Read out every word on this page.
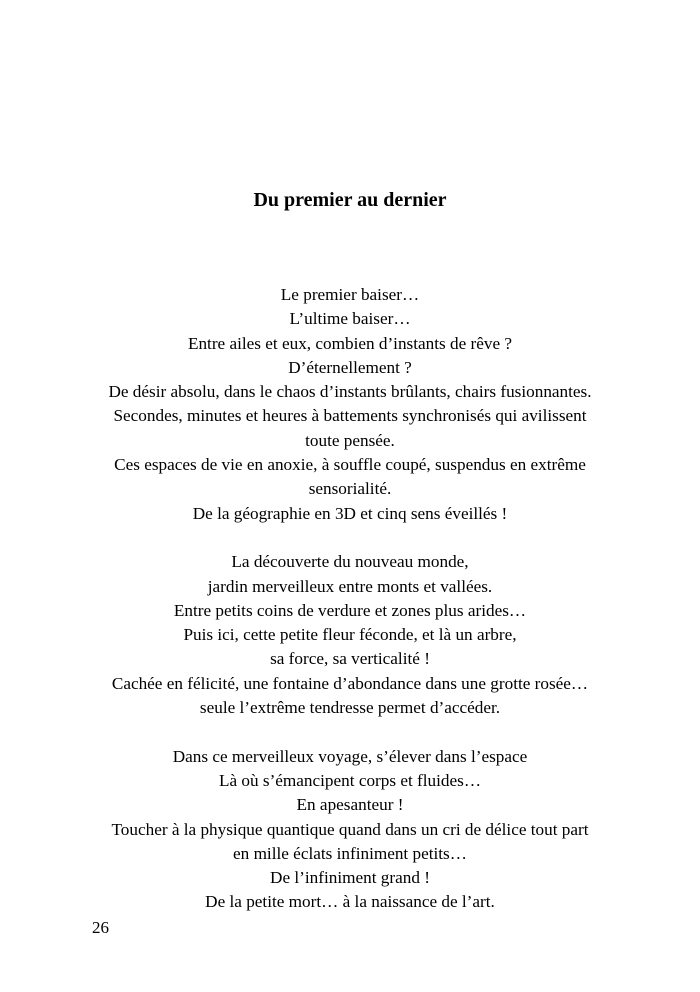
Du premier au dernier
Le premier baiser…
L’ultime baiser…
Entre ailes et eux, combien d’instants de rêve ?
D’éternellement ?
De désir absolu, dans le chaos d’instants brûlants, chairs fusionnantes.
Secondes, minutes et heures à battements synchronisés qui avilissent
toute pensée.
Ces espaces de vie en anoxie, à souffle coupé, suspendus en extrême
sensorialité.
De la géographie en 3D et cinq sens éveillés !
La découverte du nouveau monde,
jardin merveilleux entre monts et vallées.
Entre petits coins de verdure et zones plus arides…
Puis ici, cette petite fleur féconde, et là un arbre,
sa force, sa verticalité !
Cachée en félicité, une fontaine d’abondance dans une grotte rosée…
seule l’extrême tendresse permet d’accéder.
Dans ce merveilleux voyage, s’élever dans l’espace
Là où s’émancipent corps et fluides…
En apesanteur !
Toucher à la physique quantique quand dans un cri de délice tout part
en mille éclats infiniment petits…
De l’infiniment grand !
De la petite mort… à la naissance de l’art.
26
